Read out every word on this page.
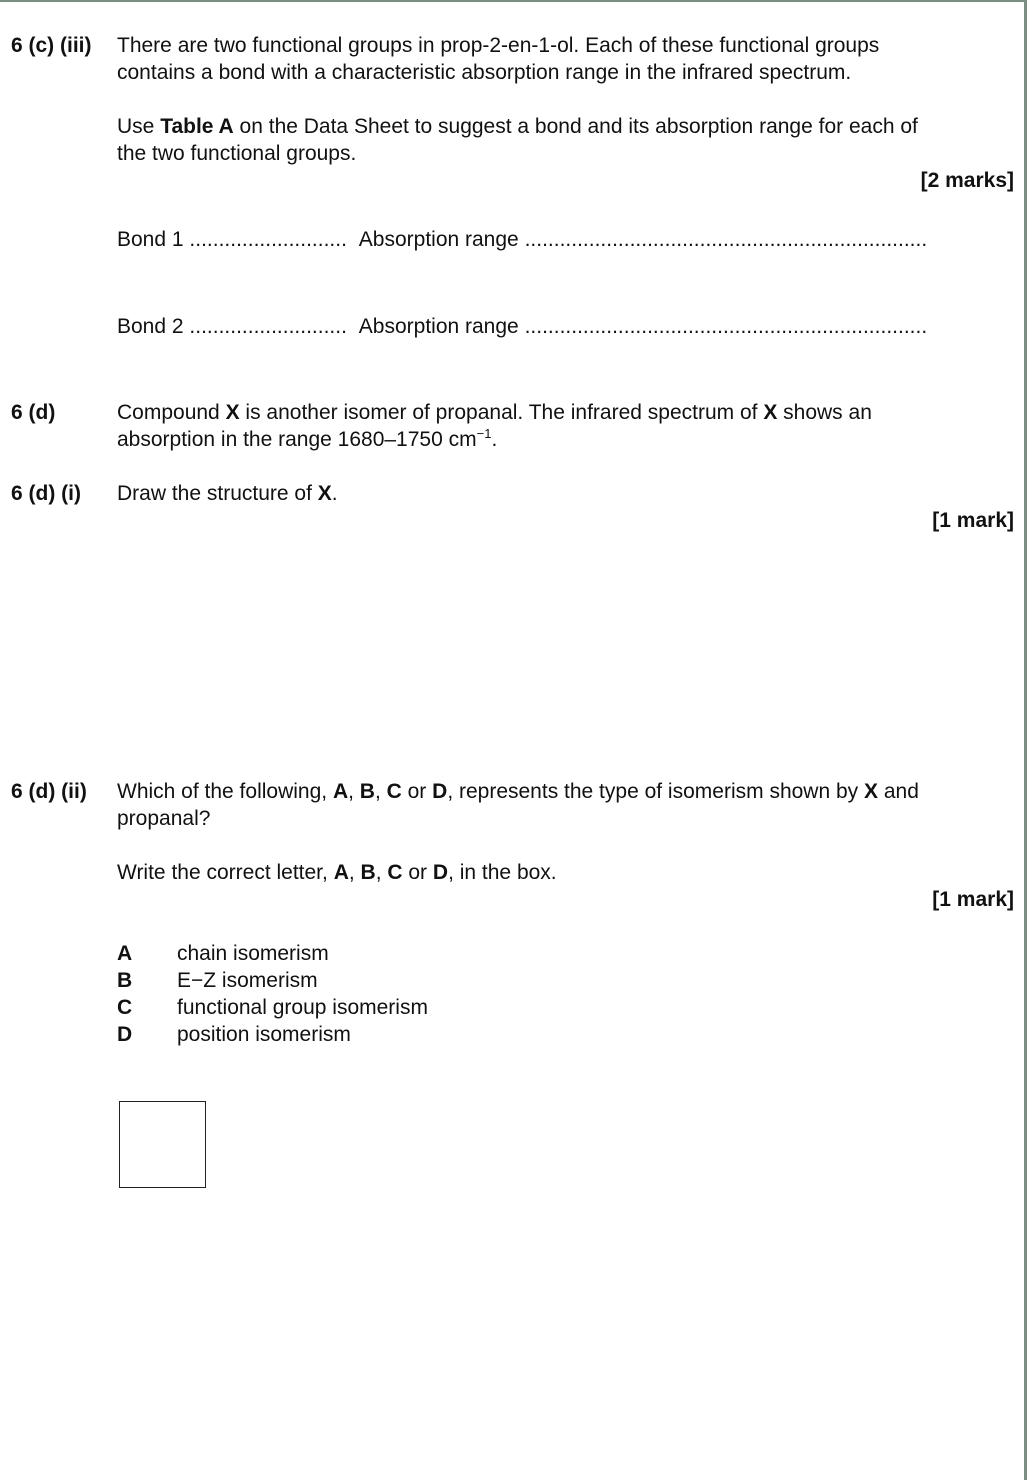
6 (c) (iii) There are two functional groups in prop-2-en-1-ol. Each of these functional groups
contains a bond with a characteristic absorption range in the infrared spectrum.
Use Table A on the Data Sheet to suggest a bond and its absorption range for each of
the two functional groups.
[2 marks]
Bond 1 ........................... Absorption range .....................................................................
Bond 2 ........................... Absorption range .....................................................................
6 (d)	Compound X is another isomer of propanal. The infrared spectrum of X shows an
absorption in the range 1680–1750 $cm^{-1}$.
6 (d) (i) Draw the structure of X.
[1 mark]
6 (d) (ii) Which of the following, A, B, C or D, represents the type of isomerism shown by X and
propanal?
Write the correct letter, A, B, C or D, in the box.
[1 mark]
A	chain isomerism
B	E−Z isomerism
C	functional group isomerism
D	position isomerism
